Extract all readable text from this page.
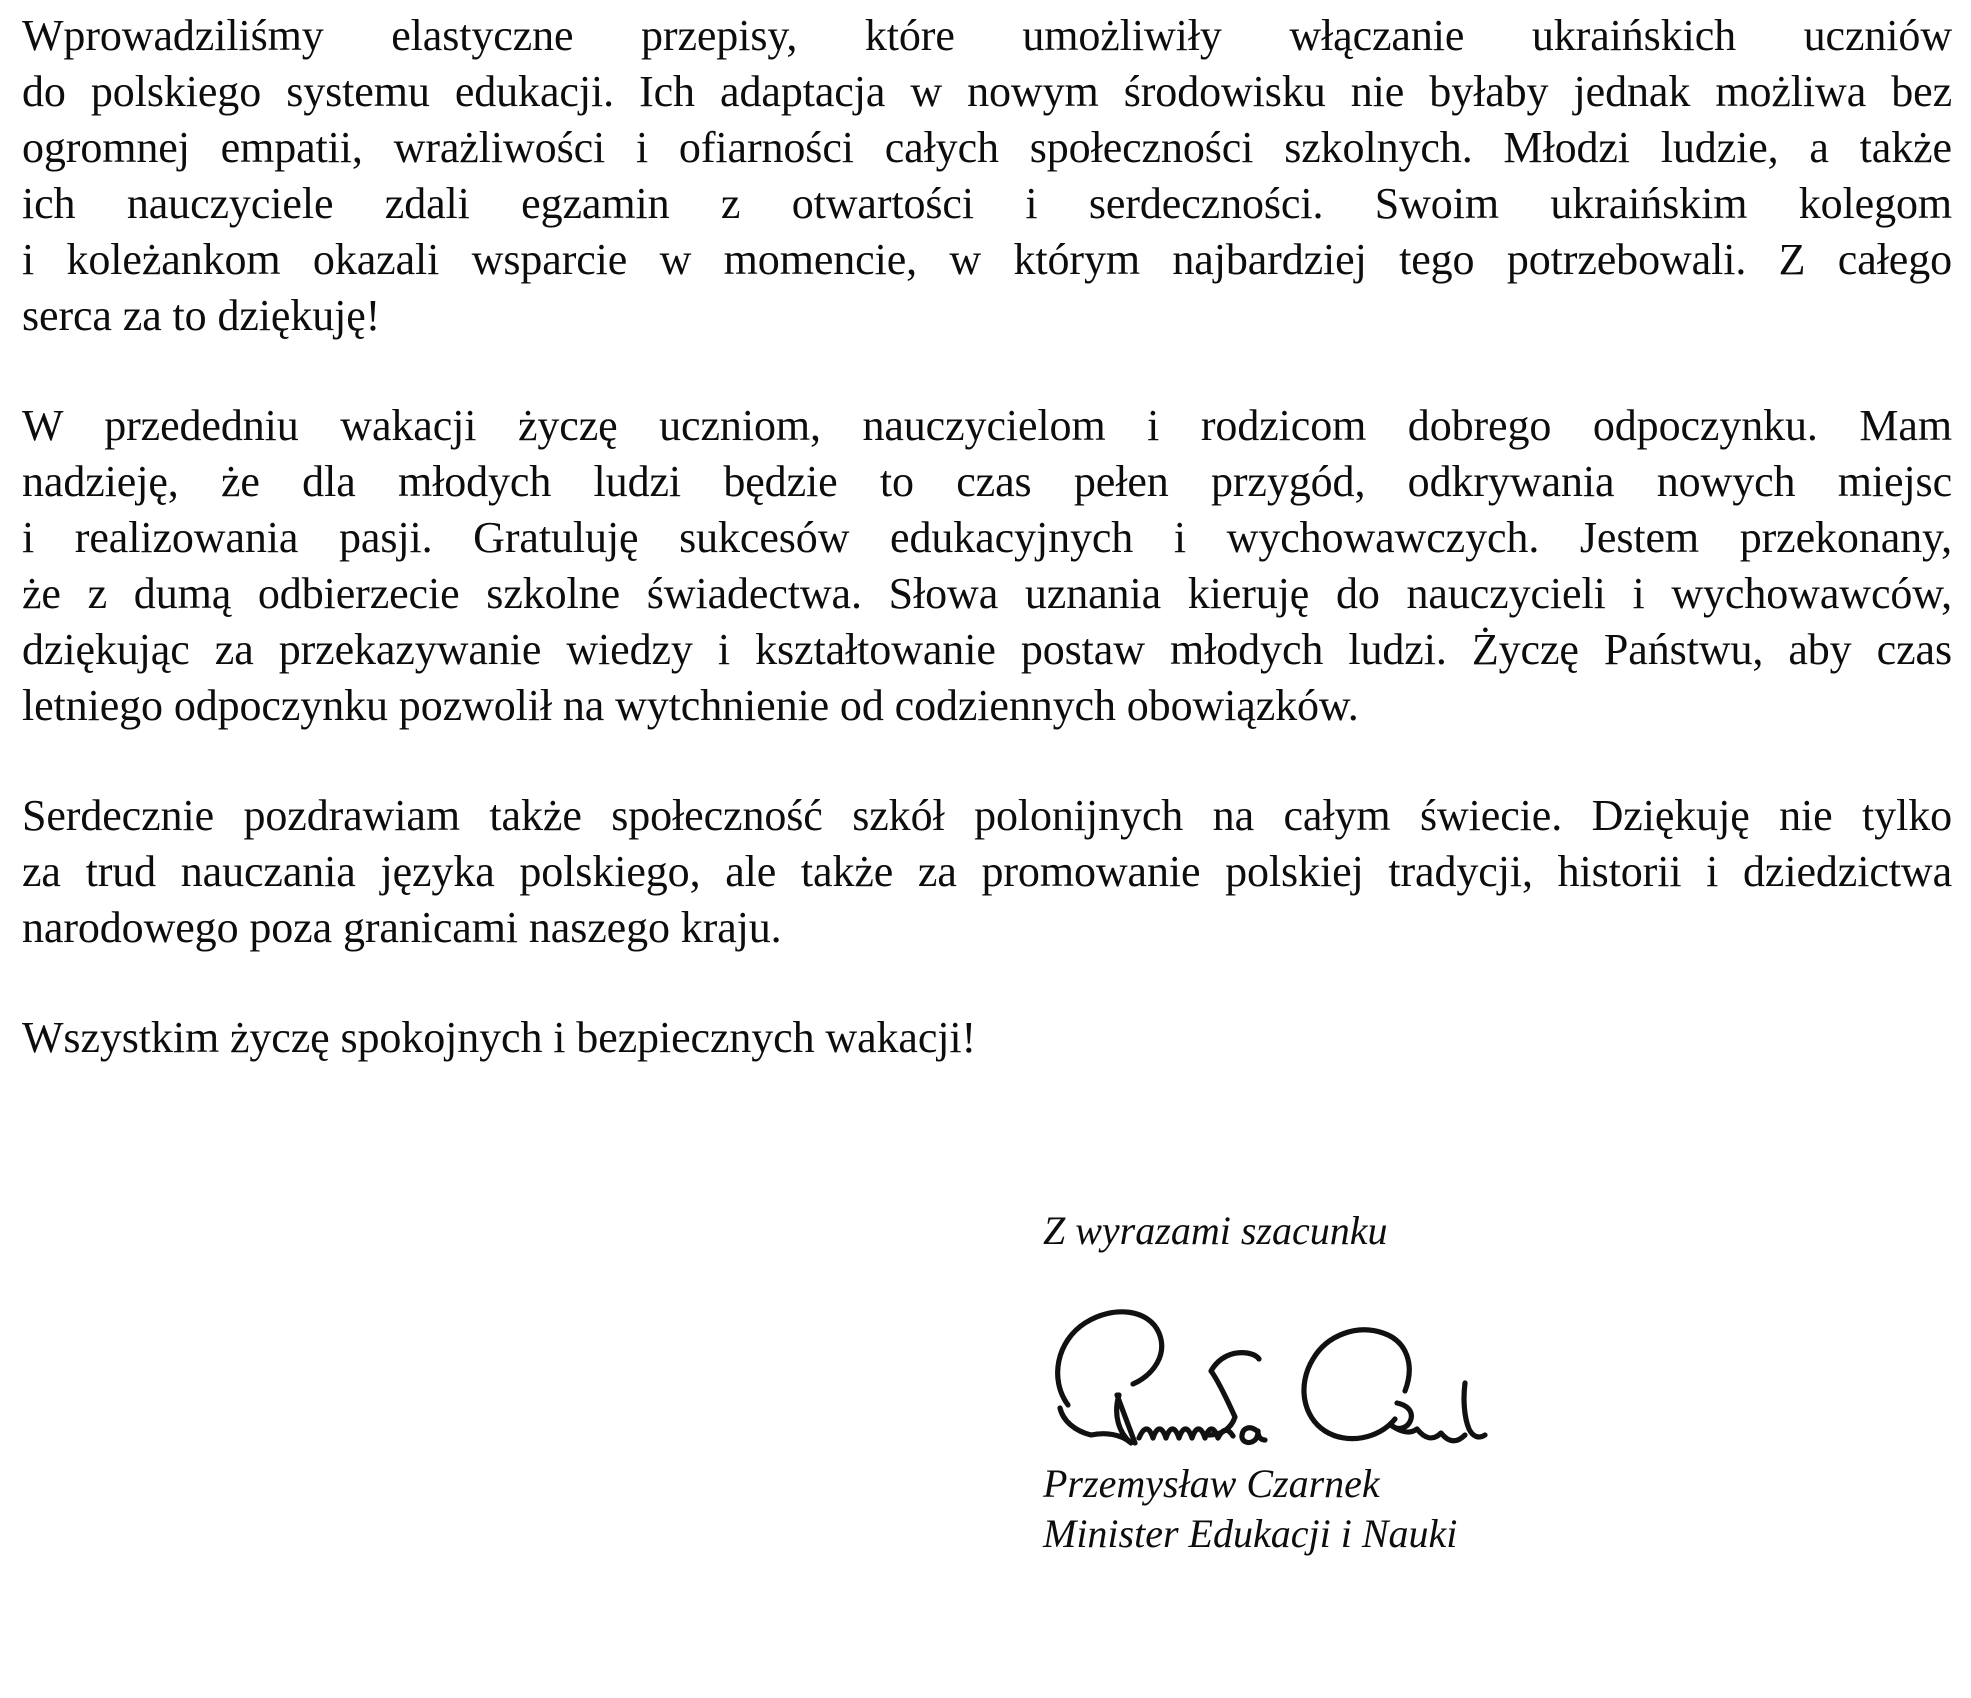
Wprowadziliśmy elastyczne przepisy, które umożliwiły włączanie ukraińskich uczniów
do polskiego systemu edukacji. Ich adaptacja w nowym środowisku nie byłaby jednak możliwa bez
ogromnej empatii, wrażliwości i ofiarności całych społeczności szkolnych. Młodzi ludzie, a także
ich nauczyciele zdali egzamin z otwartości i serdeczności. Swoim ukraińskim kolegom
i koleżankom okazali wsparcie w momencie, w którym najbardziej tego potrzebowali. Z całego
serca za to dziękuję!
W przededniu wakacji życzę uczniom, nauczycielom i rodzicom dobrego odpoczynku. Mam
nadzieję, że dla młodych ludzi będzie to czas pełen przygód, odkrywania nowych miejsc
i realizowania pasji. Gratuluję sukcesów edukacyjnych i wychowawczych. Jestem przekonany,
że z dumą odbierzecie szkolne świadectwa. Słowa uznania kieruję do nauczycieli i wychowawców,
dziękując za przekazywanie wiedzy i kształtowanie postaw młodych ludzi. Życzę Państwu, aby czas
letniego odpoczynku pozwolił na wytchnienie od codziennych obowiązków.
Serdecznie pozdrawiam także społeczność szkół polonijnych na całym świecie. Dziękuję nie tylko
za trud nauczania języka polskiego, ale także za promowanie polskiej tradycji, historii i dziedzictwa
narodowego poza granicami naszego kraju.
Wszystkim życzę spokojnych i bezpiecznych wakacji!

Z wyrazami szacunku

Przemysław Czarnek

Minister Edukacji i Nauki
